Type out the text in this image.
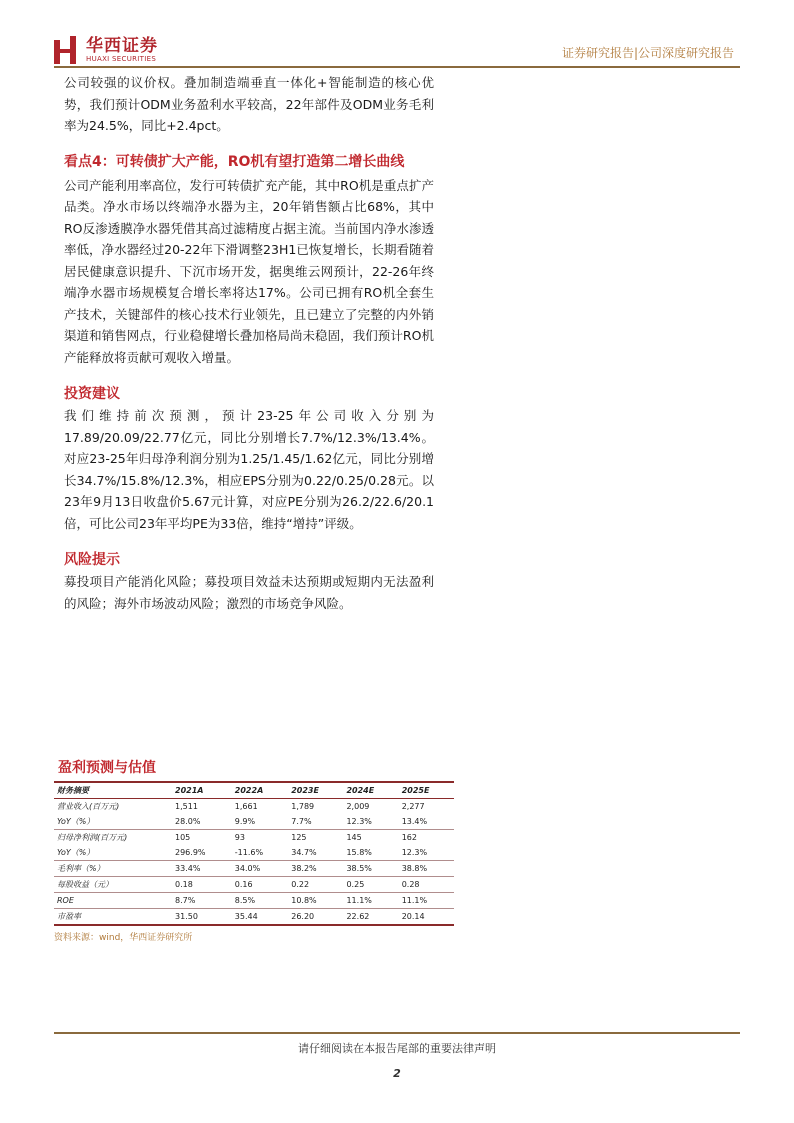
华西证券
HUAXI SECURITIES	证券研究报告|公司深度研究报告

公司较强的议价权。叠加制造端垂直一体化+智能制造的核心优势，我们预计ODM业务盈利水平较高，22年部件及ODM业务毛利率为24.5%，同比+2.4pct。

看点4：可转债扩大产能，RO机有望打造第二增长曲线

公司产能利用率高位，发行可转债扩充产能，其中RO机是重点扩产品类。净水市场以终端净水器为主，20年销售额占比68%，其中RO反渗透膜净水器凭借其高过滤精度占据主流。当前国内净水渗透率低，净水器经过20-22年下滑调整23H1已恢复增长，长期看随着居民健康意识提升、下沉市场开发，据奥维云网预计，22-26年终端净水器市场规模复合增长率将达17%。公司已拥有RO机全套生产技术，关键部件的核心技术行业领先，且已建立了完整的内外销渠道和销售网点，行业稳健增长叠加格局尚未稳固，我们预计RO机产能释放将贡献可观收入增量。

投资建议

我们维持前次预测，预计23-25年公司收入分别为17.89/20.09/22.77亿元，同比分别增长7.7%/12.3%/13.4%。对应23-25年归母净利润分别为1.25/1.45/1.62亿元，同比分别增长34.7%/15.8%/12.3%，相应EPS分别为0.22/0.25/0.28元。以23年9月13日收盘价5.67元计算，对应PE分别为26.2/22.6/20.1倍，可比公司23年平均PE为33倍，维持“增持”评级。

风险提示

募投项目产能消化风险；募投项目效益未达预期或短期内无法盈利的风险；海外市场波动风险；激烈的市场竞争风险。

盈利预测与估值
财务摘要	2021A	2022A	2023E	2024E	2025E
营业收入(百万元)	1,511	1,661	1,789	2,009	2,277
YoY（%）	28.0%	9.9%	7.7%	12.3%	13.4%
归母净利润(百万元)	105	93	125	145	162
YoY（%）	296.9%	-11.6%	34.7%	15.8%	12.3%
毛利率（%）	33.4%	34.0%	38.2%	38.5%	38.8%
每股收益（元）	0.18	0.16	0.22	0.25	0.28
ROE	8.7%	8.5%	10.8%	11.1%	11.1%
市盈率	31.50	35.44	26.20	22.62	20.14
资料来源：wind，华西证券研究所
请仔细阅读在本报告尾部的重要法律声明
2
